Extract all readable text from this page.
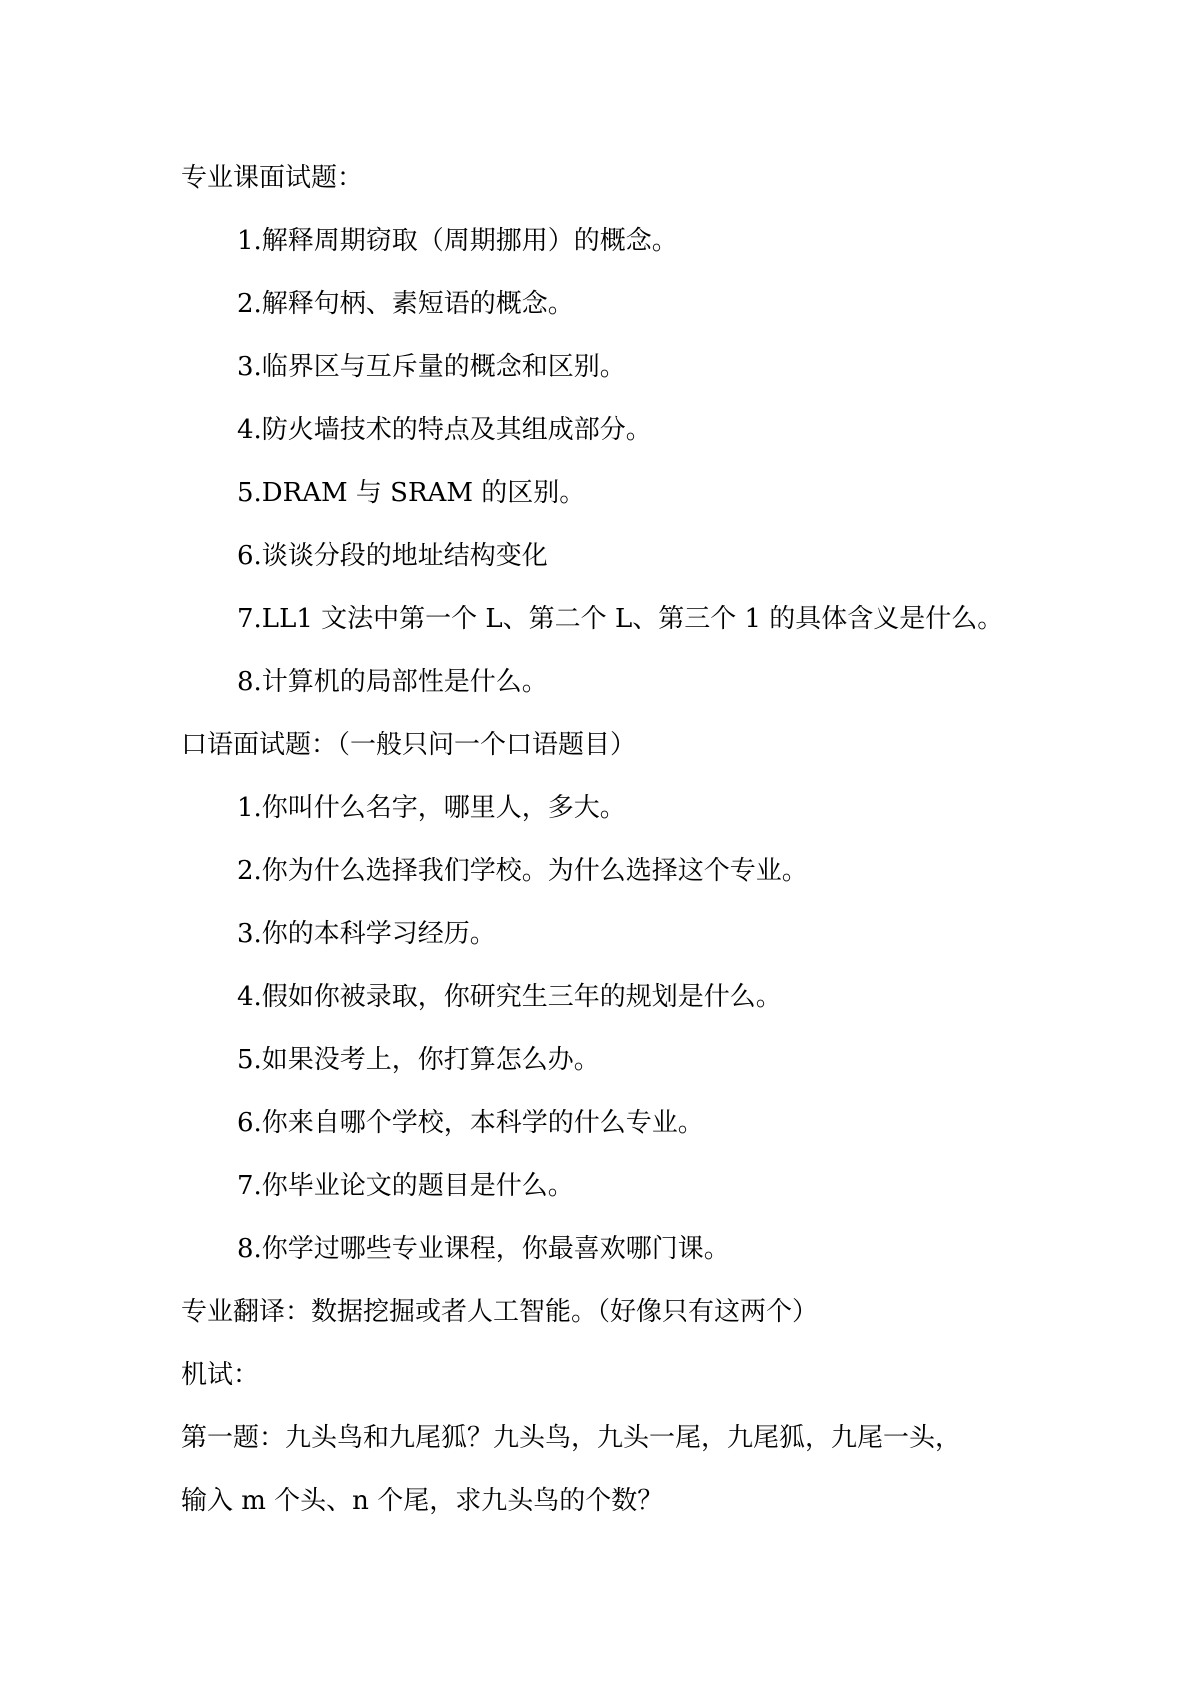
专业课面试题：

1.解释周期窃取（周期挪用）的概念。

2.解释句柄、素短语的概念。

3.临界区与互斥量的概念和区别。

4.防火墙技术的特点及其组成部分。

5.DRAM 与 SRAM 的区别。

6.谈谈分段的地址结构变化

7.LL1 文法中第一个 L、第二个 L、第三个 1 的具体含义是什么。

8.计算机的局部性是什么。

口语面试题：（一般只问一个口语题目）

1.你叫什么名字，哪里人，多大。

2.你为什么选择我们学校。为什么选择这个专业。

3.你的本科学习经历。

4.假如你被录取，你研究生三年的规划是什么。

5.如果没考上，你打算怎么办。

6.你来自哪个学校，本科学的什么专业。

7.你毕业论文的题目是什么。

8.你学过哪些专业课程，你最喜欢哪门课。

专业翻译：数据挖掘或者人工智能。（好像只有这两个）

机试：

第一题：九头鸟和九尾狐？九头鸟，九头一尾，九尾狐，九尾一头，

输入 m 个头、n 个尾，求九头鸟的个数？
